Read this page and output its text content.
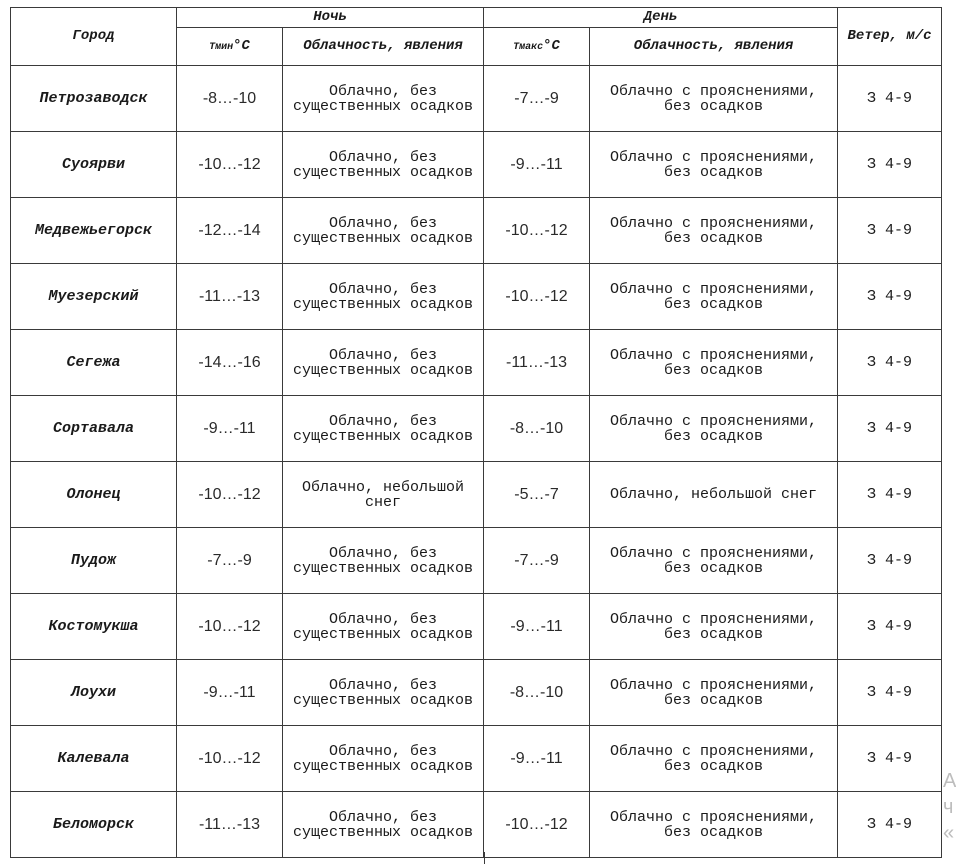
Город	Ночь		День		Ветер, м/с
	Тмин°С	Облачность, явления	Тмакс°С	Облачность, явления	
Петрозаводск	-8…-10	Облачно, без существенных осадков	-7…-9	Облачно с прояснениями, без осадков	З 4-9
Суоярви	-10…-12	Облачно, без существенных осадков	-9…-11	Облачно с прояснениями, без осадков	З 4-9
Медвежьегорск	-12…-14	Облачно, без существенных осадков	-10…-12	Облачно с прояснениями, без осадков	З 4-9
Муезерский	-11…-13	Облачно, без существенных осадков	-10…-12	Облачно с прояснениями, без осадков	З 4-9
Сегежа	-14…-16	Облачно, без существенных осадков	-11…-13	Облачно с прояснениями, без осадков	З 4-9
Сортавала	-9…-11	Облачно, без существенных осадков	-8…-10	Облачно с прояснениями, без осадков	З 4-9
Олонец	-10…-12	Облачно, небольшой снег	-5…-7	Облачно, небольшой снег	З 4-9
Пудож	-7…-9	Облачно, без существенных осадков	-7…-9	Облачно с прояснениями, без осадков	З 4-9
Костомукша	-10…-12	Облачно, без существенных осадков	-9…-11	Облачно с прояснениями, без осадков	З 4-9
Лоухи	-9…-11	Облачно, без существенных осадков	-8…-10	Облачно с прояснениями, без осадков	З 4-9
Калевала	-10…-12	Облачно, без существенных осадков	-9…-11	Облачно с прояснениями, без осадков	З 4-9
Беломорск	-11…-13	Облачно, без существенных осадков	-10…-12	Облачно с прояснениями, без осадков	З 4-9
А ч «
